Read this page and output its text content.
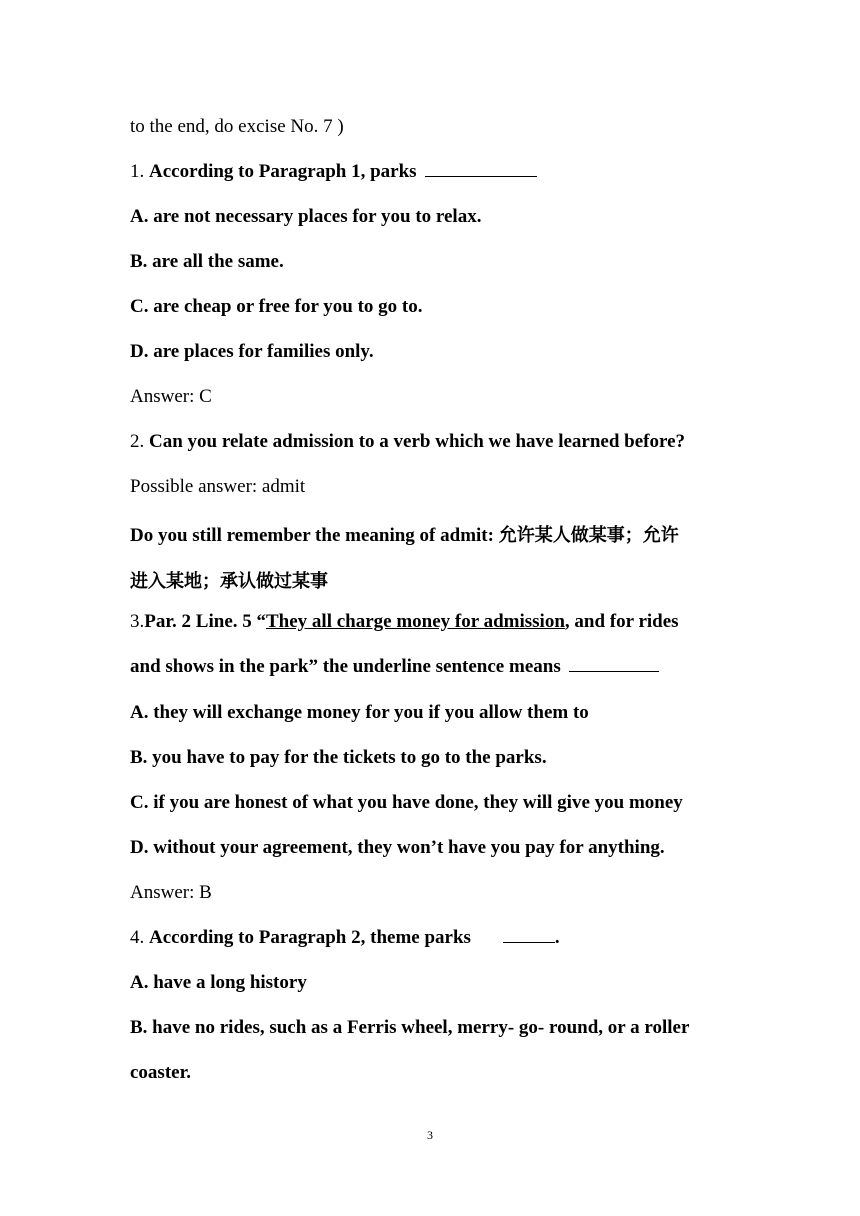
to the end, do excise No. 7 )
1. According to Paragraph 1, parks
A. are not necessary places for you to relax.
B. are all the same.
C. are cheap or free for you to go to.
D. are places for families only.
Answer: C
2. Can you relate admission to a verb which we have learned before?
Possible answer: admit
Do you still remember the meaning of admit: 允许某人做某事；允许
进入某地；承认做过某事
3.Par. 2 Line. 5 “They all charge money for admission, and for rides
and shows in the park” the underline sentence means
A. they will exchange money for you if you allow them to
B. you have to pay for the tickets to go to the parks.
C. if you are honest of what you have done, they will give you money
D. without your agreement, they won’t have you pay for anything.
Answer: B
4. According to Paragraph 2, theme parks	.
A. have a long history
B. have no rides, such as a Ferris wheel, merry- go- round, or a roller
coaster.
3
